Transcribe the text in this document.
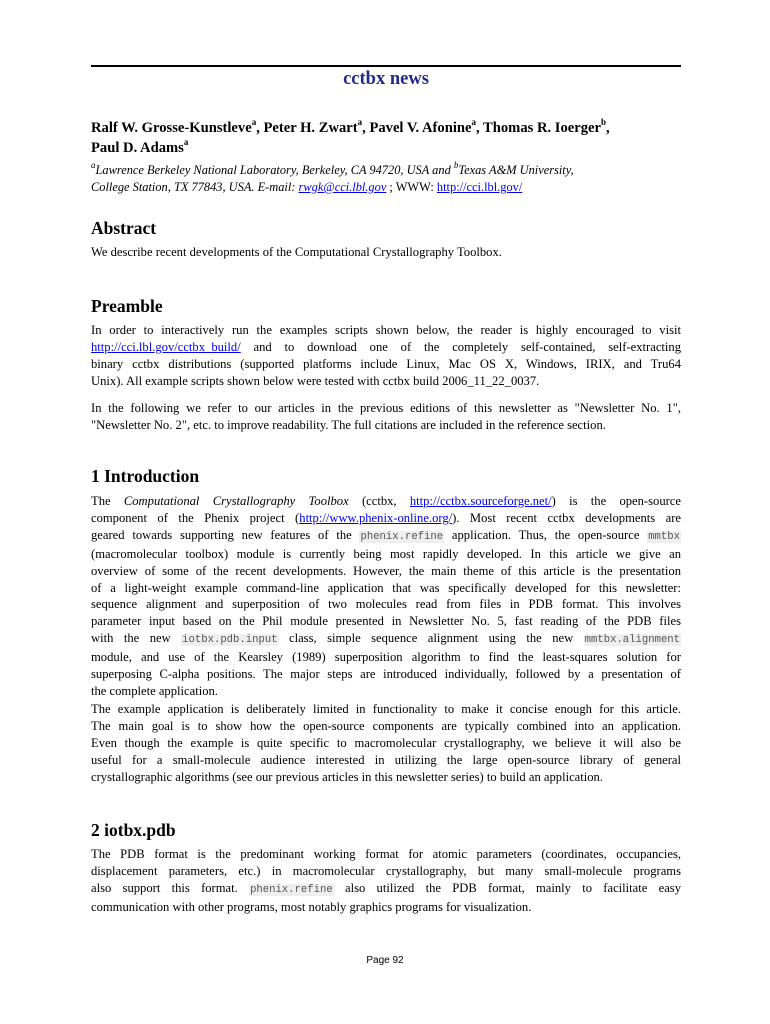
cctbx news
Ralf W. Grosse-Kunstleve$^a$, Peter H. Zwart$^a$, Pavel V. Afonine$^a$, Thomas R. Ioerger$^b$,
Paul D. Adams$^a$
$^a$Lawrence Berkeley National Laboratory, Berkeley, CA 94720, USA and $^b$Texas A&M University,
College Station, TX 77843, USA. E-mail: rwgk@cci.lbl.gov ; WWW: http://cci.lbl.gov/
Abstract
We describe recent developments of the Computational Crystallography Toolbox.
Preamble
In order to interactively run the examples scripts shown below, the reader is highly encouraged to visit
http://cci.lbl.gov/cctbx_build/ and to download one of the completely self-contained, self-extracting
binary cctbx distributions (supported platforms include Linux, Mac OS X, Windows, IRIX, and Tru64
Unix). All example scripts shown below were tested with cctbx build 2006_11_22_0037.
In the following we refer to our articles in the previous editions of this newsletter as "Newsletter No. 1",
"Newsletter No. 2", etc. to improve readability. The full citations are included in the reference section.
1 Introduction
The Computational Crystallography Toolbox (cctbx, http://cctbx.sourceforge.net/) is the open-source
component of the Phenix project (http://www.phenix-online.org/). Most recent cctbx developments are
geared towards supporting new features of the phenix.refine application. Thus, the open-source mmtbx
(macromolecular toolbox) module is currently being most rapidly developed. In this article we give an
overview of some of the recent developments. However, the main theme of this article is the presentation
of a light-weight example command-line application that was specifically developed for this newsletter:
sequence alignment and superposition of two molecules read from files in PDB format. This involves
parameter input based on the Phil module presented in Newsletter No. 5, fast reading of the PDB files
with the new iotbx.pdb.input class, simple sequence alignment using the new mmtbx.alignment
module, and use of the Kearsley (1989) superposition algorithm to find the least-squares solution for
superposing C-alpha positions. The major steps are introduced individually, followed by a presentation of
the complete application.
The example application is deliberately limited in functionality to make it concise enough for this article.
The main goal is to show how the open-source components are typically combined into an application.
Even though the example is quite specific to macromolecular crystallography, we believe it will also be
useful for a small-molecule audience interested in utilizing the large open-source library of general
crystallographic algorithms (see our previous articles in this newsletter series) to build an application.
2 iotbx.pdb
The PDB format is the predominant working format for atomic parameters (coordinates, occupancies,
displacement parameters, etc.) in macromolecular crystallography, but many small-molecule programs
also support this format. phenix.refine also utilized the PDB format, mainly to facilitate easy
communication with other programs, most notably graphics programs for visualization.
Page 92
